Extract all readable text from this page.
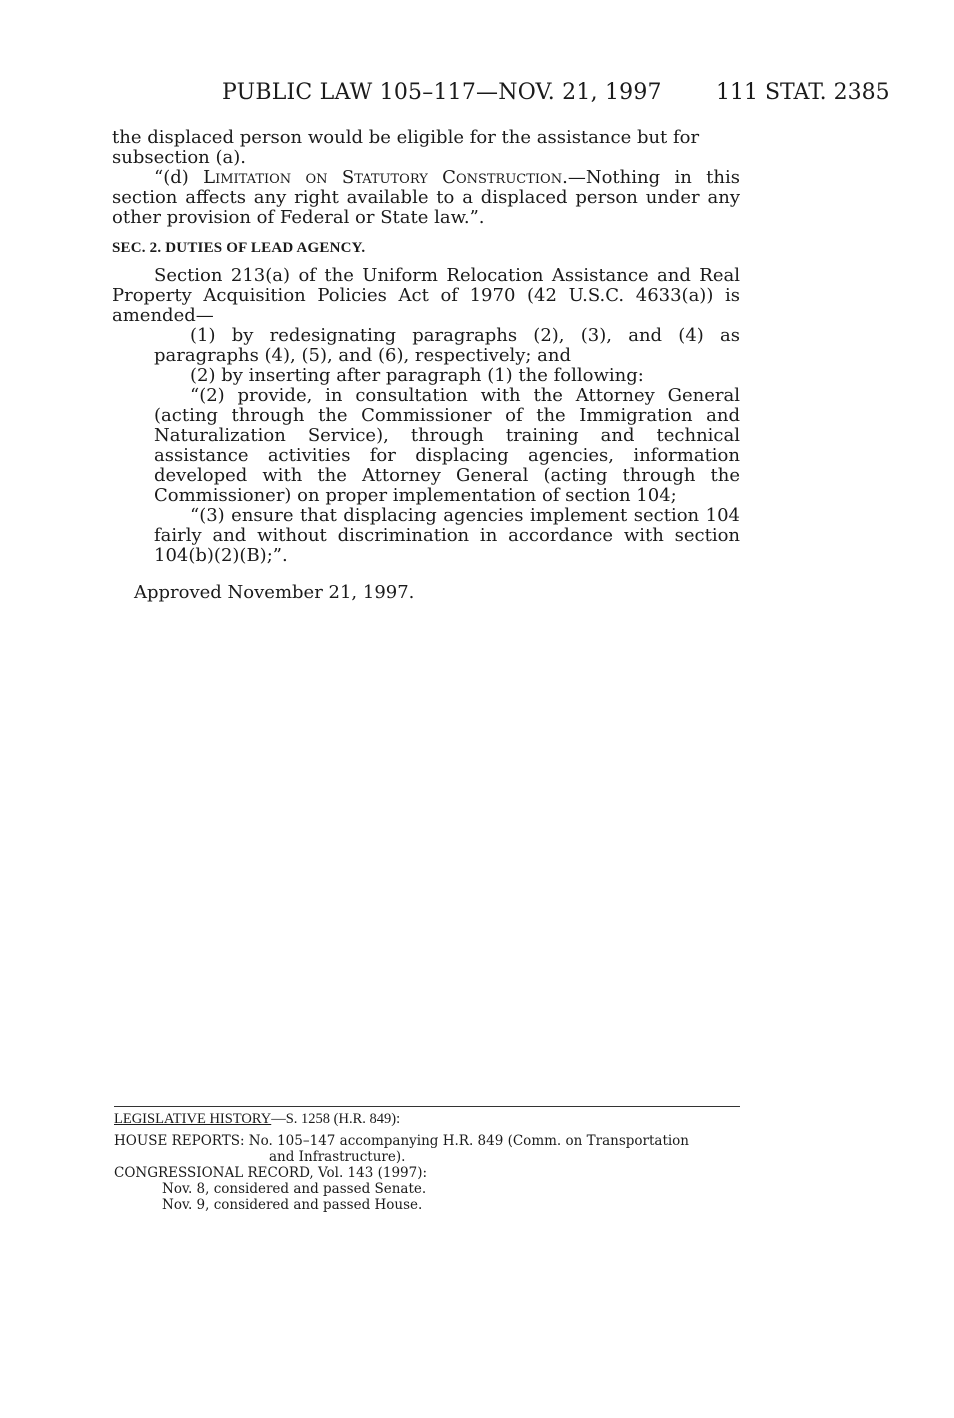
PUBLIC LAW 105–117—NOV. 21, 1997 111 STAT. 2385

the displaced person would be eligible for the assistance but for
subsection (a).

“(d) Limitation on Statutory Construction.—Nothing in this section affects any right available to a displaced person under any other provision of Federal or State law.”.

SEC. 2. DUTIES OF LEAD AGENCY.

Section 213(a) of the Uniform Relocation Assistance and Real Property Acquisition Policies Act of 1970 (42 U.S.C. 4633(a)) is amended—

(1) by redesignating paragraphs (2), (3), and (4) as paragraphs (4), (5), and (6), respectively; and

(2) by inserting after paragraph (1) the following:

“(2) provide, in consultation with the Attorney General (acting through the Commissioner of the Immigration and Naturalization Service), through training and technical assistance activities for displacing agencies, information developed with the Attorney General (acting through the Commissioner) on proper implementation of section 104;

“(3) ensure that displacing agencies implement section 104 fairly and without discrimination in accordance with section 104(b)(2)(B);”.

Approved November 21, 1997.
LEGISLATIVE HISTORY—S. 1258 (H.R. 849):
HOUSE REPORTS: No. 105–147 accompanying H.R. 849 (Comm. on Transportation
and Infrastructure).
CONGRESSIONAL RECORD, Vol. 143 (1997):
Nov. 8, considered and passed Senate.
Nov. 9, considered and passed House.
